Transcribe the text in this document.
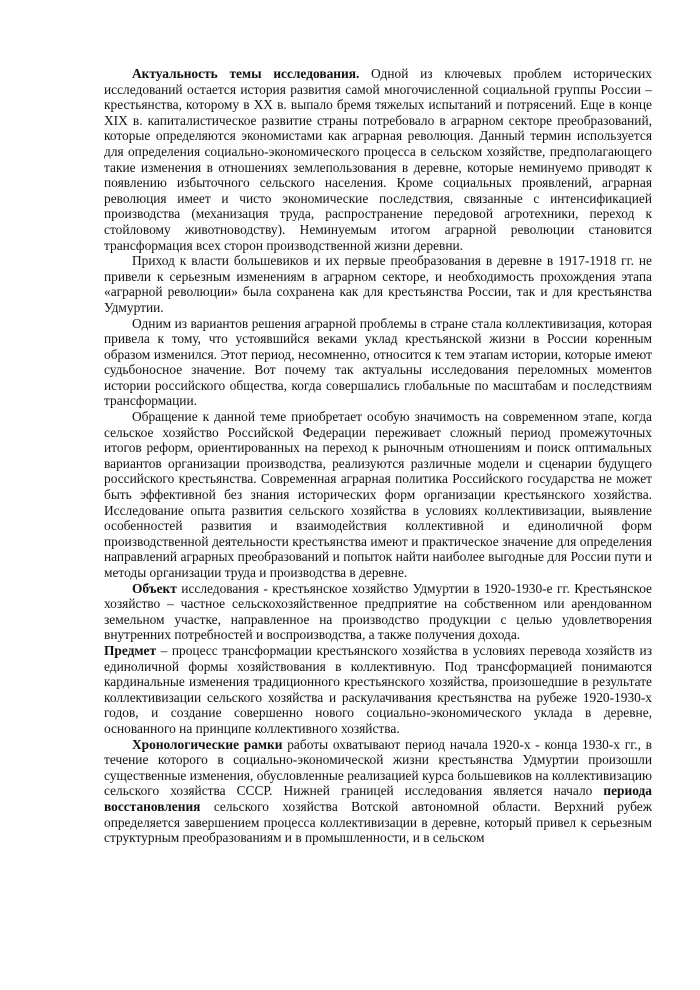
Актуальность темы исследования. Одной из ключевых проблем исторических исследований остается история развития самой многочисленной социальной группы России – крестьянства, которому в XX в. выпало бремя тяжелых испытаний и потрясений. Еще в конце XIX в. капиталистическое развитие страны потребовало в аграрном секторе преобразований, которые определяются экономистами как аграрная революция. Данный термин используется для определения социально-экономического процесса в сельском хозяйстве, предполагающего такие изменения в отношениях землепользования в деревне, которые неминуемо приводят к появлению избыточного сельского населения. Кроме социальных проявлений, аграрная революция имеет и чисто экономические последствия, связанные с интенсификацией производства (механизация труда, распространение передовой агротехники, переход к стойловому животноводству). Неминуемым итогом аграрной революции становится трансформация всех сторон производственной жизни деревни.

Приход к власти большевиков и их первые преобразования в деревне в 1917-1918 гг. не привели к серьезным изменениям в аграрном секторе, и необходимость прохождения этапа «аграрной революции» была сохранена как для крестьянства России, так и для крестьянства Удмуртии.

Одним из вариантов решения аграрной проблемы в стране стала коллективизация, которая привела к тому, что устоявшийся веками уклад крестьянской жизни в России коренным образом изменился. Этот период, несомненно, относится к тем этапам истории, которые имеют судьбоносное значение. Вот почему так актуальны исследования переломных моментов истории российского общества, когда совершались глобальные по масштабам и последствиям трансформации.

Обращение к данной теме приобретает особую значимость на современном этапе, когда сельское хозяйство Российской Федерации переживает сложный период промежуточных итогов реформ, ориентированных на переход к рыночным отношениям и поиск оптимальных вариантов организации производства, реализуются различные модели и сценарии будущего российского крестьянства. Современная аграрная политика Российского государства не может быть эффективной без знания исторических форм организации крестьянского хозяйства. Исследование опыта развития сельского хозяйства в условиях коллективизации, выявление особенностей развития и взаимодействия коллективной и единоличной форм производственной деятельности крестьянства имеют и практическое значение для определения направлений аграрных преобразований и попыток найти наиболее выгодные для России пути и методы организации труда и производства в деревне.

Объект исследования - крестьянское хозяйство Удмуртии в 1920-1930-е гг. Крестьянское хозяйство – частное сельскохозяйственное предприятие на собственном или арендованном земельном участке, направленное на производство продукции с целью удовлетворения внутренних потребностей и воспроизводства, а также получения дохода.

Предмет – процесс трансформации крестьянского хозяйства в условиях перевода хозяйств из единоличной формы хозяйствования в коллективную. Под трансформацией понимаются кардинальные изменения традиционного крестьянского хозяйства, произошедшие в результате коллективизации сельского хозяйства и раскулачивания крестьянства на рубеже 1920-1930-х годов, и создание совершенно нового социально-экономического уклада в деревне, основанного на принципе коллективного хозяйства.

Хронологические рамки работы охватывают период начала 1920-х - конца 1930-х гг., в течение которого в социально-экономической жизни крестьянства Удмуртии произошли существенные изменения, обусловленные реализацией курса большевиков на коллективизацию сельского хозяйства СССР. Нижней границей исследования является начало периода восстановления сельского хозяйства Вотской автономной области. Верхний рубеж определяется завершением процесса коллективизации в деревне, который привел к серьезным структурным преобразованиям и в промышленности, и в сельском
